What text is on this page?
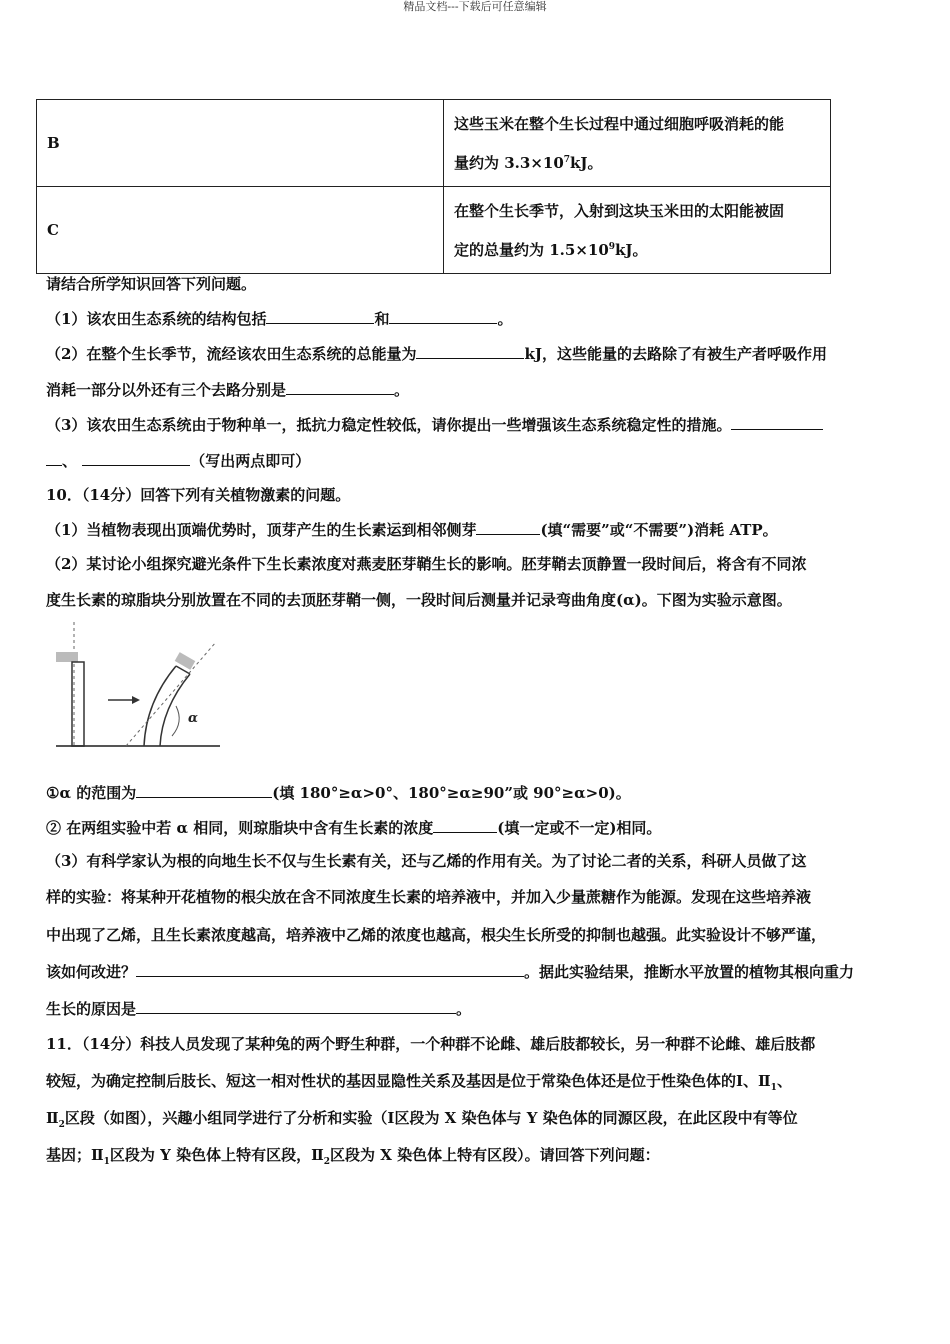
精品文档---下载后可任意编辑
B	这些玉米在整个生长过程中通过细胞呼吸消耗的能
量约为 $3.3\times 10^7kJ$。
C	在整个生长季节，入射到这块玉米田的太阳能被固
定的总量约为 $1.5\times 10^9kJ$。
请结合所学知识回答下列问题。
（1）该农田生态系统的结构包括	和	。
（2）在整个生长季节，流经该农田生态系统的总能量为	kJ，这些能量的去路除了有被生产者呼吸作用
消耗一部分以外还有三个去路分别是	。
（3）该农田生态系统由于物种单一，抵抗力稳定性较低，请你提出一些增强该生态系统稳定性的措施。
、	（写出两点即可）
10．（14分）回答下列有关植物激素的问题。
（1）当植物表现出顶端优势时，顶芽产生的生长素运到相邻侧芽	(填“需要”或“不需要”)消耗 ATP。
（2）某讨论小组探究避光条件下生长素浓度对燕麦胚芽鞘生长的影响。胚芽鞘去顶静置一段时间后，将含有不同浓
度生长素的琼脂块分别放置在不同的去顶胚芽鞘一侧，一段时间后测量并记录弯曲角度(α)。下图为实验示意图。
α
①α 的范围为	(填 180°≥α>0°、180°≥α≥90”或 90°≥α>0)。
② 在两组实验中若 α 相同，则琼脂块中含有生长素的浓度	(填一定或不一定)相同。
（3）有科学家认为根的向地生长不仅与生长素有关，还与乙烯的作用有关。为了讨论二者的关系，科研人员做了这
样的实验：将某种开花植物的根尖放在含不同浓度生长素的培养液中，并加入少量蔗糖作为能源。发现在这些培养液
中出现了乙烯，且生长素浓度越高，培养液中乙烯的浓度也越高，根尖生长所受的抑制也越强。此实验设计不够严谨，
该如何改进？	。据此实验结果，推断水平放置的植物其根向重力
生长的原因是	。
11．（14分）科技人员发现了某种兔的两个野生种群，一个种群不论雌、雄后肢都较长，另一种群不论雌、雄后肢都
较短，为确定控制后肢长、短这一相对性状的基因显隐性关系及基因是位于常染色体还是位于性染色体的Ⅰ、$Ⅱ_1$、
$Ⅱ_2$区段（如图），兴趣小组同学进行了分析和实验（Ⅰ区段为 X 染色体与 Y 染色体的同源区段，在此区段中有等位
基因；$Ⅱ_1$区段为 Y 染色体上特有区段，$Ⅱ_2$区段为 X 染色体上特有区段）。请回答下列问题：
